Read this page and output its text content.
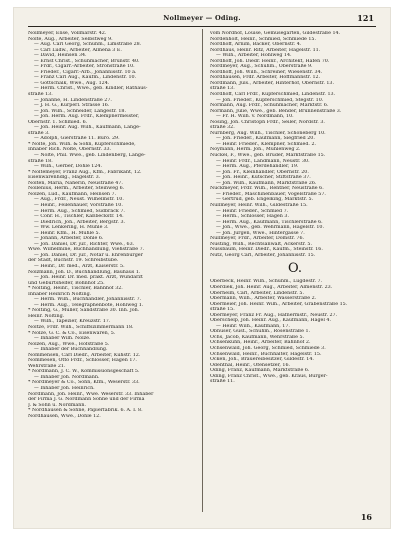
Nollmeyer — Oding.	121
Nollmeyer, Elise, Vollmarstr. 42.
Nolte, Aug., Arbeiter, Selbstweg 9.
— Aug. Carl Georg, Schuhm., Limstraße 28.
— Carl Ludw., Arbeiter, Almena 3 E.
— David, Heinsen 34.
— Ernst Christ., Schuhmacher, Brunstr. 40.
— Frdr., Cigarr.-Arbeiter, Strohstraße 10.
— Frieder., Cigarr.-Arb., Johannisstr. 10 a.
— Franz Carl Aug., Kaufm., Lindenstr. 10.
— Gottschalk, Wwe., Aug. 124.
— Herm. Christ., Wwe., geb. Kindler, Rathaus-
straße 13.
— Johanne, H. Lindenstraße 27.
— J. H. G., Kürperl. Strasse 16.
— Joh. Wilh., Schneider, Langestr. 18.
— Joh. Herm. Aug. Frdr., Klempnermeister,
Obernstr. 1. Schmied. 6.
— Joh. Heinr. Aug. Wilh., Kaufmann, Lange-
straße 3.
— Adolph, Gierstraße 11. Büro. 29.
* Nolte, Joh. Wilh. & Sohn, Kupferschmiede,
Inhaber Rich. Nolte, Obernstr. 33.
— Nolte, Phil. Wwe., geb. Lindenberg, Lange-
straße 18.
— Wilh., Gerber, Dohle 124.
* Noltemeyer, Franz Aug., Kfm., Fabrikant, 12.
Eisenwarenhdlg., Hagelstr. 3.
Nolten, Maria, Näherin, Neustraße 47.
Nollenius, Herm., Arbeiter, Steinweg 6.
Nolzen, Lud., Kaufmann, Heinsen 7.
— Aug., Frdr., Neust. Wilhelmstr. 10.
— Heinr., Feilenhauer, Vorstraße 10.
— Herm. Aug., Schmied, Sudbrack 7.
— Conr. H., Tischler, Kaßbeckstr. 14.
— Diedrich, Joh., Arbeiter, Bergstr. 3.
— Ww. Lenkering, H. Mühle 3.
— Heinr. Kfm., H. Mühle 5.
— Johann, Arbeiter, Dohle 6.
— Joh. Daniel, Dr. jur., Richter, Wwe., 63.
Wwe. Wilhelmine, Buchhandlung, Viehstraße 7.
— Joh. Daniel, Dr. jur., Notar u. Ehrenbürger
der Stadt, Buchstr. 19. Schreibstube.
— Heinr., Dr. med., Arzt, Kaiserstr. 5.
Nolzmann, Joh. D., Buchhandlung, Bauhaus 1.
— Joh. Heinr. Dr. med. prakt. Arzt, Wundarzt
und Geburtshelfer, Bohnhof 25.
* Nolting, Heinr., Tischler, Bahnhof 32.
Inhaber Heinrich Nolting.
— Herm. Wilh., Buchhändler, Johannisstr. 7.
— Herm. Aug., Telegraphenbote, Hohlweg 1.
* Nolting, G., Müller, Sandstraße 30. Inh. Joh.
Heinr. Nolting.
— Wilh., Tapezier, Kreuzstr. 17.
Noltze, Frdr. Wilh., Schiffszimmermann 18.
* Nolze, G. C. & Co., Eisenwaren, 5.
— Inhaber Wilh. Nolze.
Nölzen, Aug., Wwe., Hofstraße 5.
— Inhaber der Buchhandlung.
Nommensen, Carl Diedr., Arbeiter, Kuhstr. 12.
Nommesen, Otto Frdr., Schlosser, Hagen 17.
Wehrstraße 21.
* Nordmann, J. C. W., Kommissionsgeschäft 5.
— Inhaber Joh. Nordmann.
* Nordmeyer & Co., Sohn, Kfm., Weserstr. 33.
— Inhaber Joh. Heinrich.
Nordmann, Joh. Heinr., Wwe. Weserstr. 33. Inhaber
der Firma J. G. Nordmann Söhne und der Firma
J. & Sohn u. Nordmann.
* Nordhausen & Söhne, Papierfabrik. 6. A. I. 8.
Nordhausen, Wwe., Dohle 12.
vom Nordhof, Louise, Gemüsegarten, Gildestraße 14.
Nordenholt, Heinr., Schmied, Schmiede 15.
Nordhoff, Arnim, Bäcker, Obernstr. 4.
Nordhaus, Heinr. Ritz, Arbeiter, Hagelstr. 11.
— Wilh., Arbeiter, Hohlweg 14.
Nordhoff, Joh. Diedr. Heinr., Architekt, Hafen 70.
Nordmeyer, Aug., Schuhm., Oberstraße 9.
Nordhoff, Joh. Wilh., Schreiner, Wiesenstr. 34.
Nordhausen, Frdr. Arbeiter, Hoffmannstr. 12.
Nordmann, Juls., Arbeiter, Hinterhof, Obernstr. 13.
straße 13.
Nordhoff, Carl Frdr., Kupferschmied, Lindenstr. 13.
— Joh. Frieder., Kupferschmied, Stegstr. 10.
Nörmann, Aug. Frdr., Schuhmacher, Marktstr. 6.
Normann, Julie, Wwe., geb. Bender, Brunnenstraße 3.
— Fr. H. Wilh. v. Nordmann, 10.
Nösing, Joh. Christoph Frdr., Seiler, Nordstr. 3.
straße 32.
Nürnberg, Aug. Wilh., Tischler, Schöneberg 10.
— Joh. Frieder., Kaufmann, Siegfried 20.
— Heinr. Frieder., Klempner, Schmied. 2.
Noymann, Herm. Joh., Mühlenweg 2.
Nückel, F., Wwe., geb. Brüder, Marktstraße 15.
— Heinr. Frdr., Landmann, Neustr. 30.
— Herm. Aug., Pferdehändler, 19.
— Joh. Fr., Kleinhändler, Obernstr. 20.
— Joh. Heinr., Kutscher, Stiftstraße 37.
— Joh. Wilh., Kaufmann, Marktstraße 26.
Nückmeyer, Frdr. Wilh., Rentner, Neustraße 6.
— Frieder., Maschinenbauer, Vogelstraße 57.
— Gertrud, geb. Engelking, Marktstr. 5.
Nüllmeyer, Heinr. Wilh., Gildestraße 15.
— Heinr. Frieder., Schmied 7.
— Herm., Schlosser, Hagen 3.
— Herm. Aug., Kaufmann, Tischlerstraße 6.
— Joh., Wwe., geb. Wehrmann, Hagelstr. 10.
— Joh. Jürgen, Wwe., Hintergasse 7.
Nüllmeyer, Frdr., Arbeiter, Domstr. 76.
Nüsting, Wilh., Rechtsanwalt, Ackerstr. 5.
Nussbaum, Heinr. Diedr., Kaufm., Steinstr. 16.
Nutz, Georg Carl, Arbeiter, Johannisstr. 15.
O.
Oberbeck, Heinr. Wilh., Schuhm., Lügdestr. 7.
Oberdiek, Joh. Heinr. Aug., Arbeiter, Almenstr. 23.
Oberheim, Carl, Arbeiter, Lindenstr. 5.
Obermann, Wilh., Arbeiter, Wasserstraße 2.
Obermeier, Joh. Heinr. Wilh., Arbeiter, Grabenstraße 15.
straße 15.
Obermeyer, Franz Fr. Aug., Hafnermstr., Neustr. 27.
Oberschelp, Joh. Heinr. Aug., Kaufmann, Hagel 4.
— Heinr. Wilh., Kaufmann, 17.
Obhuser, Gust., Schuhm., Rosenstraße 1.
Ochs, Jacob, Kaufmann, Wehrstraße 5.
Ochsenkühn, Heinr., Arbeiter, Bahnhof 2.
Ochsenwald, Joh. Georg, Schmied, Schmiede 3.
Ochsenwald, Heinr., Buchhalter, Hagelstr. 15.
Ocken, Joh., Brauereibesitzer, Gildestr. 14.
Odenthal, Heinr., Ofensetzer, 16.
Oding, Franz, Kaufmann, Marktstraße 6.
Oding, Franz Christ., Wwe., geb. Kraus, Bürger-
straße 11.
16
